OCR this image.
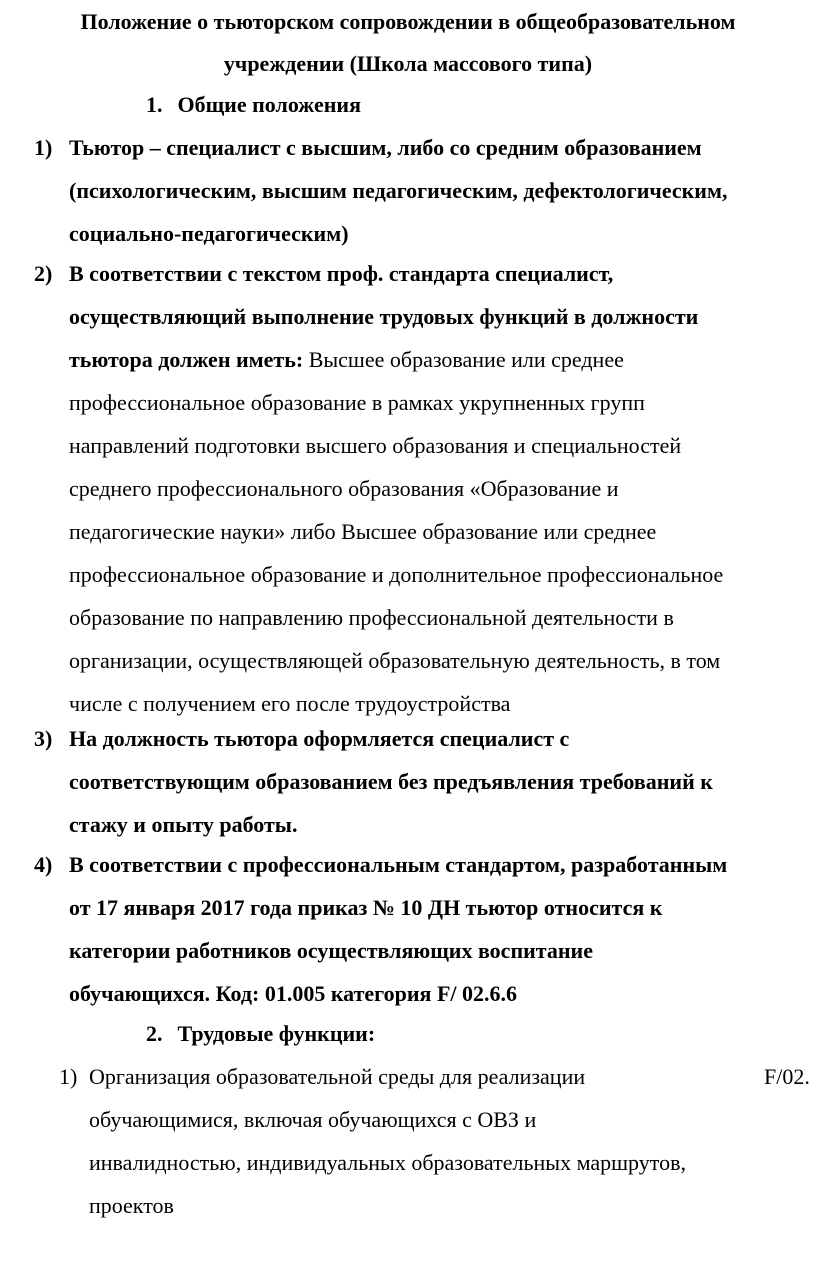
Положение о тьюторском сопровождении в общеобразовательном
учреждении (Школа массового типа)
1. Общие положения
1) Тьютор – специалист с высшим, либо со средним образованием
(психологическим, высшим педагогическим, дефектологическим,
социально-педагогическим)
2) В соответствии с текстом проф. стандарта специалист,
осуществляющий выполнение трудовых функций в должности
тьютора должен иметь: Высшее образование или среднее
профессиональное образование в рамках укрупненных групп
направлений подготовки высшего образования и специальностей
среднего профессионального образования «Образование и
педагогические науки» либо Высшее образование или среднее
профессиональное образование и дополнительное профессиональное
образование по направлению профессиональной деятельности в
организации, осуществляющей образовательную деятельность, в том
числе с получением его после трудоустройства
3) На должность тьютора оформляется специалист с
соответствующим образованием без предъявления требований к
стажу и опыту работы.
4) В соответствии с профессиональным стандартом, разработанным
от 17 января 2017 года приказ № 10 ДН тьютор относится к
категории работников осуществляющих воспитание
обучающихся. Код: 01.005 категория F/ 02.6.6
2. Трудовые функции:
1) Организация образовательной среды для реализации
обучающимися, включая обучающихся с ОВЗ и
инвалидностью, индивидуальных образовательных маршрутов,
проектов
F/02.
